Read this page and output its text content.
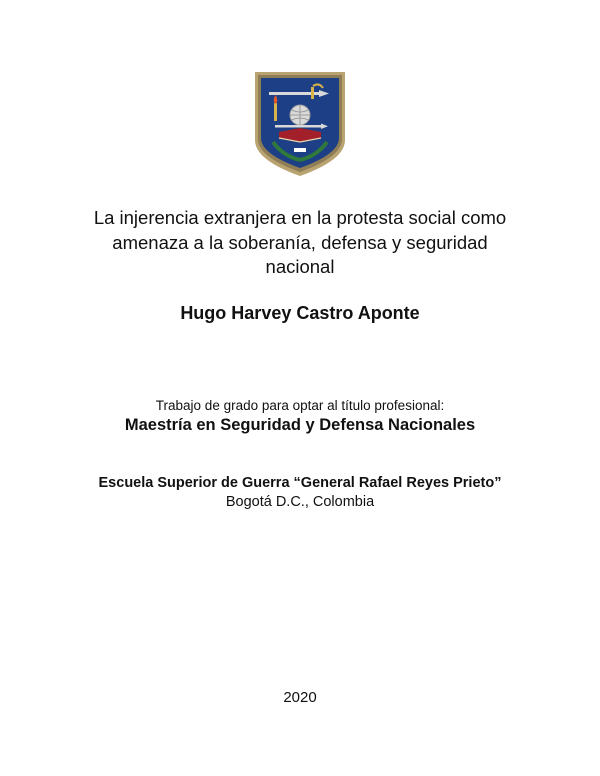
La injerencia extranjera en la protesta social como
amenaza a la soberanía, defensa y seguridad
nacional
Hugo Harvey Castro Aponte
Trabajo de grado para optar al título profesional:
Maestría en Seguridad y Defensa Nacionales
Escuela Superior de Guerra “General Rafael Reyes Prieto”
Bogotá D.C., Colombia
2020
